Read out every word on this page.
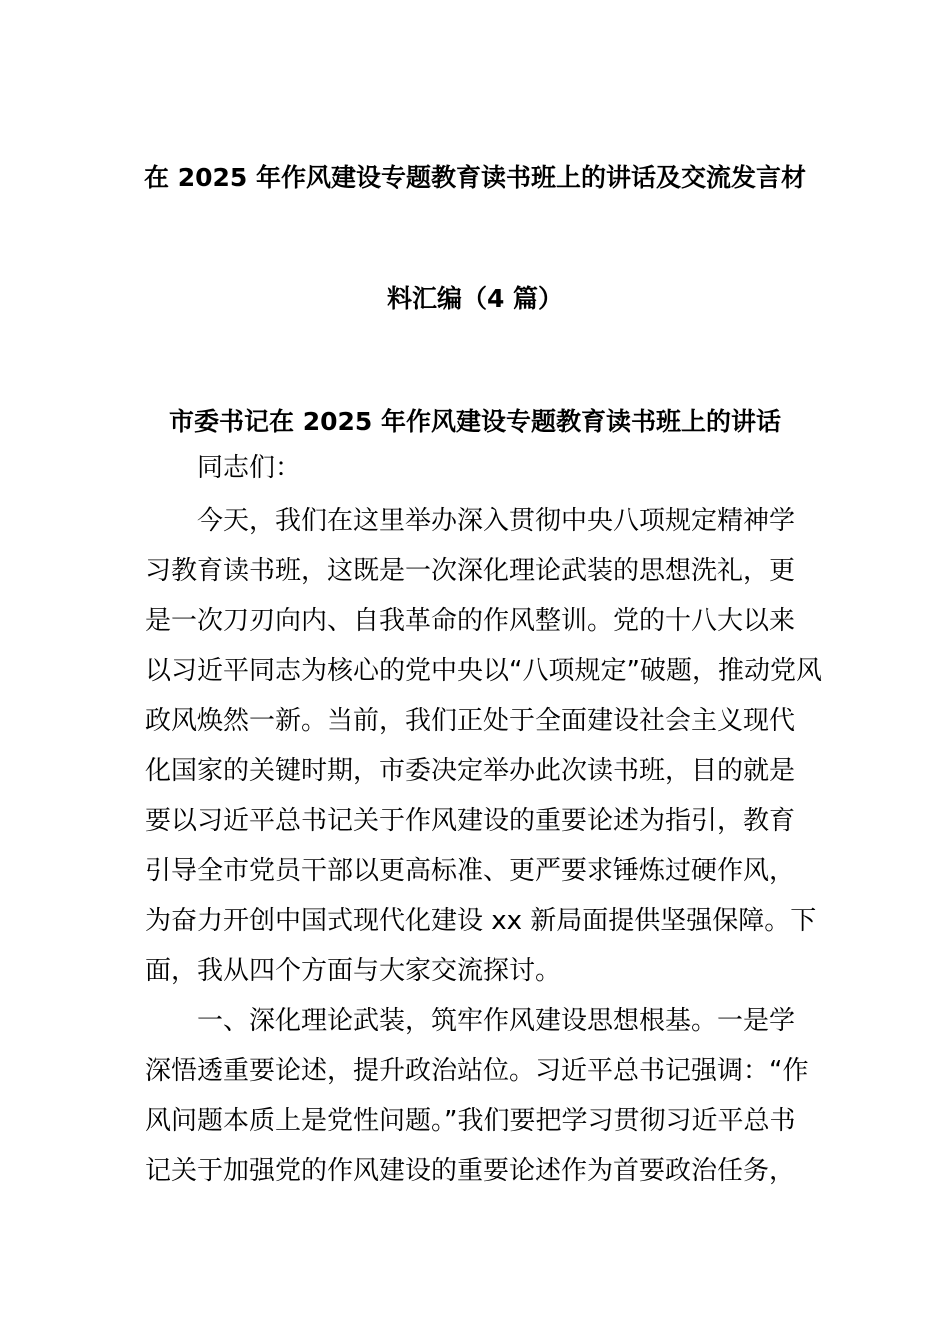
在 2025 年作风建设专题教育读书班上的讲话及交流发言材
料汇编（4 篇）
市委书记在 2025 年作风建设专题教育读书班上的讲话
　　同志们：
　　今天，我们在这里举办深入贯彻中央八项规定精神学
习教育读书班，这既是一次深化理论武装的思想洗礼，更
是一次刀刃向内、自我革命的作风整训。党的十八大以来
以习近平同志为核心的党中央以“八项规定”破题，推动党风
政风焕然一新。当前，我们正处于全面建设社会主义现代
化国家的关键时期，市委决定举办此次读书班，目的就是
要以习近平总书记关于作风建设的重要论述为指引，教育
引导全市党员干部以更高标准、更严要求锤炼过硬作风，
为奋力开创中国式现代化建设 xx 新局面提供坚强保障。下
面，我从四个方面与大家交流探讨。
　　一、深化理论武装，筑牢作风建设思想根基。一是学
深悟透重要论述，提升政治站位。习近平总书记强调：“作
风问题本质上是党性问题。”我们要把学习贯彻习近平总书
记关于加强党的作风建设的重要论述作为首要政治任务，
